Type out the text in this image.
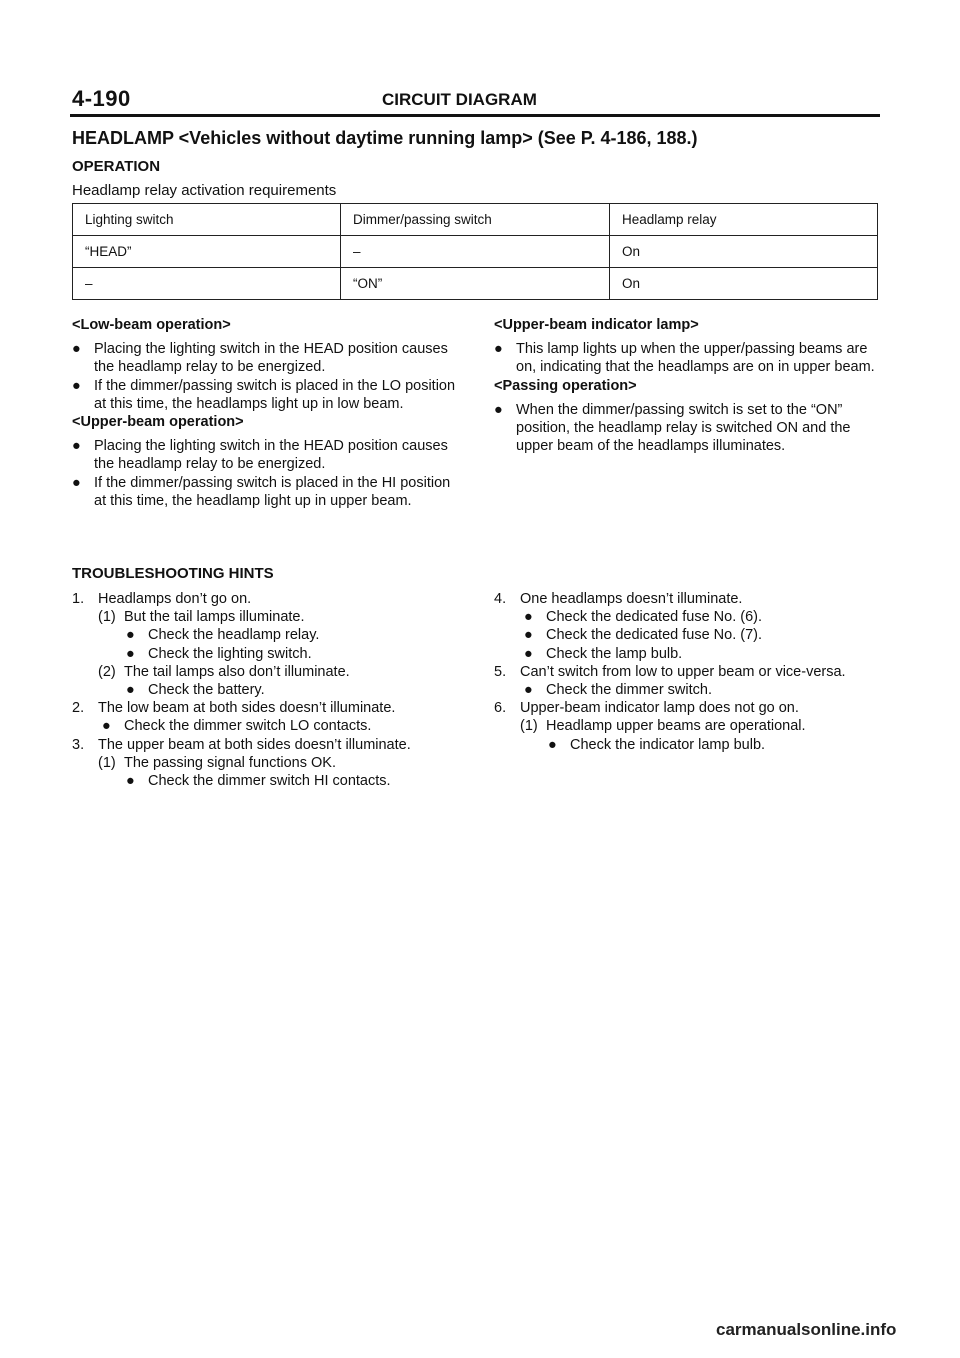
4-190	CIRCUIT DIAGRAM
HEADLAMP <Vehicles without daytime running lamp> (See P. 4-186, 188.)
OPERATION
Headlamp relay activation requirements
Lighting switch	Dimmer/passing switch	Headlamp relay
“HEAD”	–	On
–	“ON”	On
<Low-beam operation>
● Placing the lighting switch in the HEAD position causes the headlamp relay to be energized.
● If the dimmer/passing switch is placed in the LO position at this time, the headlamps light up in low beam.
<Upper-beam operation>
● Placing the lighting switch in the HEAD position causes the headlamp relay to be energized.
● If the dimmer/passing switch is placed in the HI position at this time, the headlamp light up in upper beam.
<Upper-beam indicator lamp>
● This lamp lights up when the upper/passing beams are on, indicating that the headlamps are on in upper beam.
<Passing operation>
● When the dimmer/passing switch is set to the “ON” position, the headlamp relay is switched ON and the upper beam of the headlamps illuminates.
TROUBLESHOOTING HINTS
1. Headlamps don’t go on.
(1) But the tail lamps illuminate.
● Check the headlamp relay.
● Check the lighting switch.
(2) The tail lamps also don’t illuminate.
● Check the battery.
2. The low beam at both sides doesn’t illuminate.
● Check the dimmer switch LO contacts.
3. The upper beam at both sides doesn’t illuminate.
(1) The passing signal functions OK.
● Check the dimmer switch HI contacts.
4. One headlamps doesn’t illuminate.
● Check the dedicated fuse No. (6).
● Check the dedicated fuse No. (7).
● Check the lamp bulb.
5. Can’t switch from low to upper beam or vice-versa.
● Check the dimmer switch.
6. Upper-beam indicator lamp does not go on.
(1) Headlamp upper beams are operational.
● Check the indicator lamp bulb.
carmanualsonline.info
